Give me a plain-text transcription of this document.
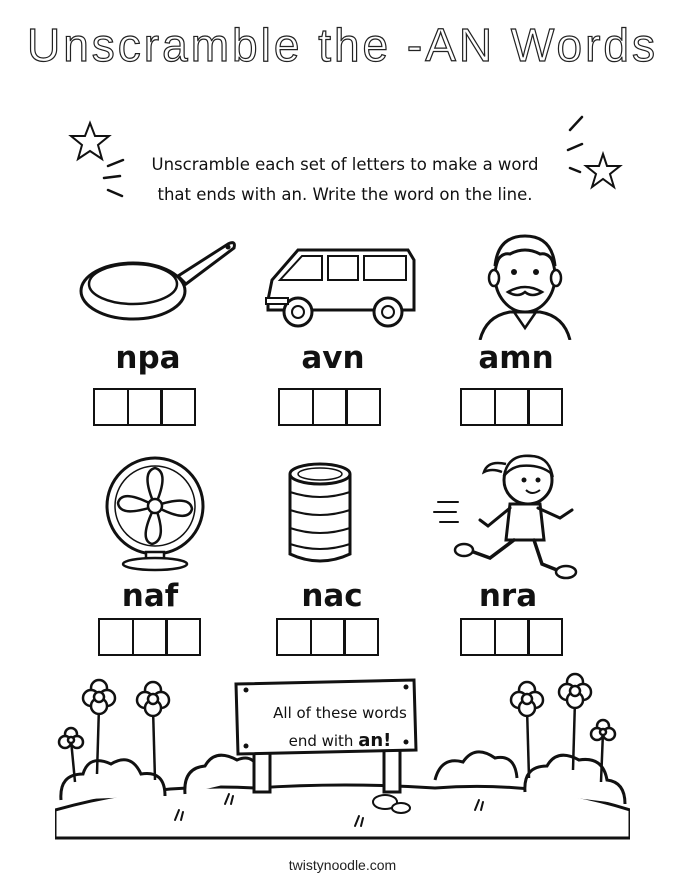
Unscramble the -AN Words
Unscramble each set of letters to make a word
that ends with an. Write the word on the line.
npa	avn	amn
naf	nac	nra
All of these words
end with an!
twistynoodle.com
